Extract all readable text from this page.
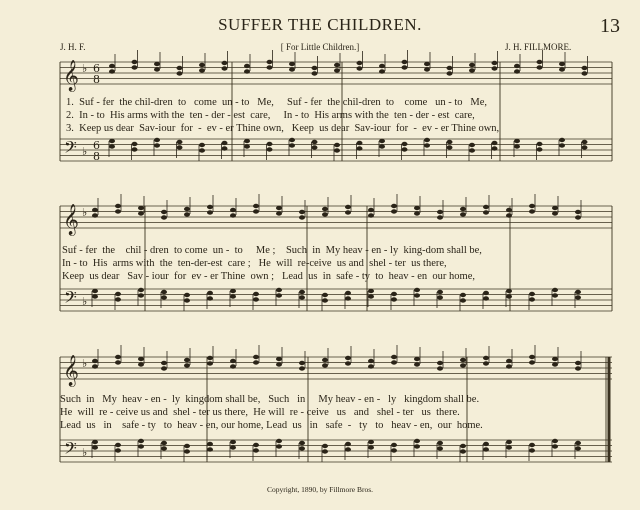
SUFFER THE CHILDREN.	13
J. H. F.	[ For Little Children.]	J. H. FILLMORE.
𝄞
𝄢
♭
♭
6
8
6
8
𝄞
𝄢
♭
♭
𝄞
𝄢
♭
♭
1.  Suf - fer  the chil-dren  to   come  un - to   Me,     Suf - fer  the chil-dren  to    come   un - to   Me,
2.  In - to  His arms with the  ten - der - est  care,     In - to  His arms with the  ten - der - est  care,
3.  Keep us dear  Sav-iour  for  -  ev - er Thine own,   Keep  us dear  Sav-iour  for  -  ev - er Thine own,
Suf - fer  the    chil - dren  to come  un -  to     Me ;    Such  in  My heav - en - ly  king-dom shall be,
In - to  His  arms with  the  ten-der-est  care ;   He  will  re-ceive  us and  shel - ter  us there,
Keep  us dear   Sav - iour  for  ev - er Thine  own ;   Lead  us  in  safe - ty  to  heav - en  our home,
Such  in   My  heav - en -  ly  kingdom shall be,   Such   in     My heav - en -   ly   kingdom shall be.
He  will  re - ceive us and  shel - ter us there,  He will  re - ceive   us   and   shel - ter   us  there.
Lead  us   in    safe - ty   to  heav - en, our home, Lead  us   in   safe  -   ty   to   heav - en,  our  home.
Copyright, 1890, by Fillmore Bros.
